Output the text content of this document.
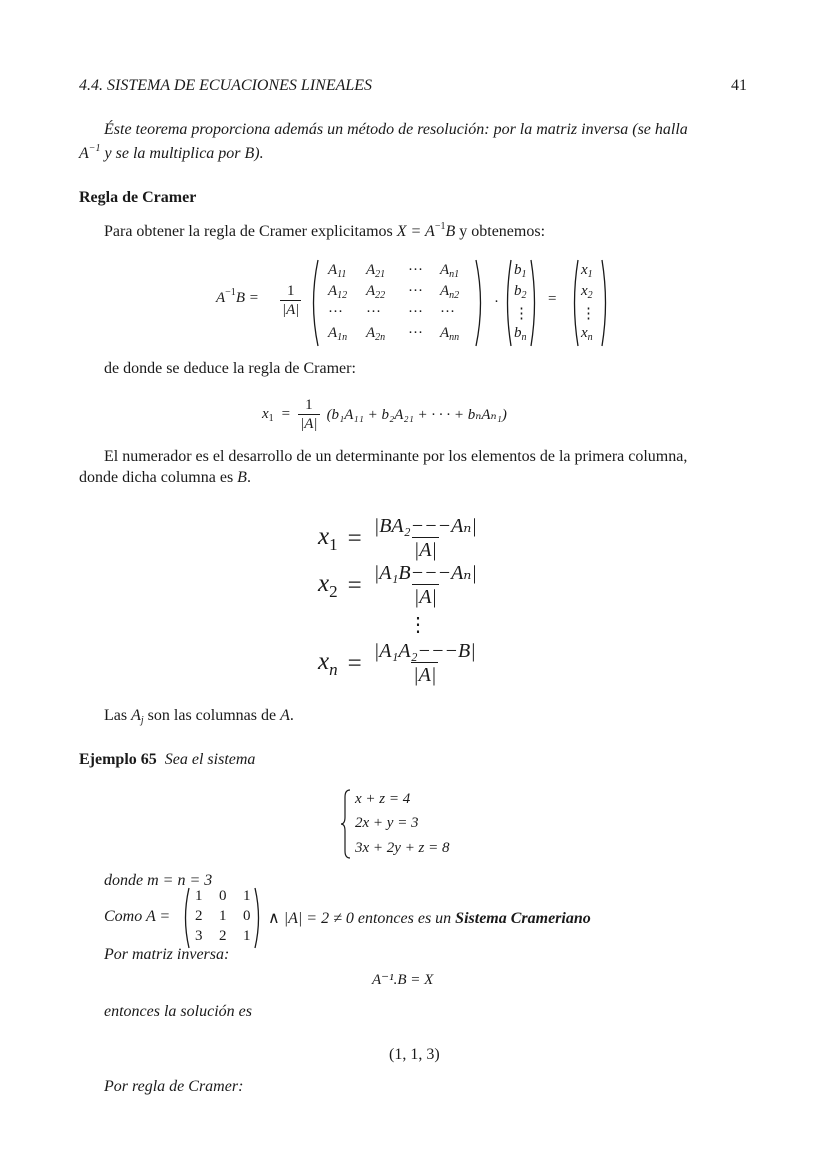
4.4. SISTEMA DE ECUACIONES LINEALES	41
Éste teorema proporciona además un método de resolución: por la matriz inversa (se halla
$A^{-1}$ y se la multiplica por B).
Regla de Cramer
Para obtener la regla de Cramer explicitamos $X = A^{-1}B$ y obtenemos:
$A^{-1}B = \frac{1}{|A|}$
$A_{11}$ $A_{21}$ ··· $A_{n1}$
$A_{12}$ $A_{22}$ ··· $A_{n2}$
··· ··· ··· ···
$A_{1n}$ $A_{2n}$ ··· $A_{nn}$
·
$b_1$
$b_2$
⋮
$b_n$
=
$x_1$
$x_2$
⋮
$x_n$
de donde se deduce la regla de Cramer:
$x_1 = \frac{1}{|A|} (b_1A_{11} + b_2A_{21}$ + · · · + bₙAₙ₁)
El numerador es el desarrollo de un determinante por los elementos de la primera columna,
donde dicha columna es B.
$x_1 = \frac{\text{|BA₂−−−Aₙ|}}{|A|}$
$x_2 = \frac{\text{|A₁B−−−Aₙ|}}{|A|}$
⋮
$x_n = \frac{\text{|A₁A₂−−−B|}}{|A|}$
Las $A_j$ son las columnas de A.
Ejemplo 65 Sea el sistema
x + z = 4
2x + y = 3
3x + 2y + z = 8
donde m = n = 3
Como A =
1 0 1
2 1 0
3 2 1
∧ |A| = 2 ≠ 0 entonces es un Sistema Crameriano
Por matriz inversa:
A⁻¹.B = X
entonces la solución es
(1, 1, 3)
Por regla de Cramer:
